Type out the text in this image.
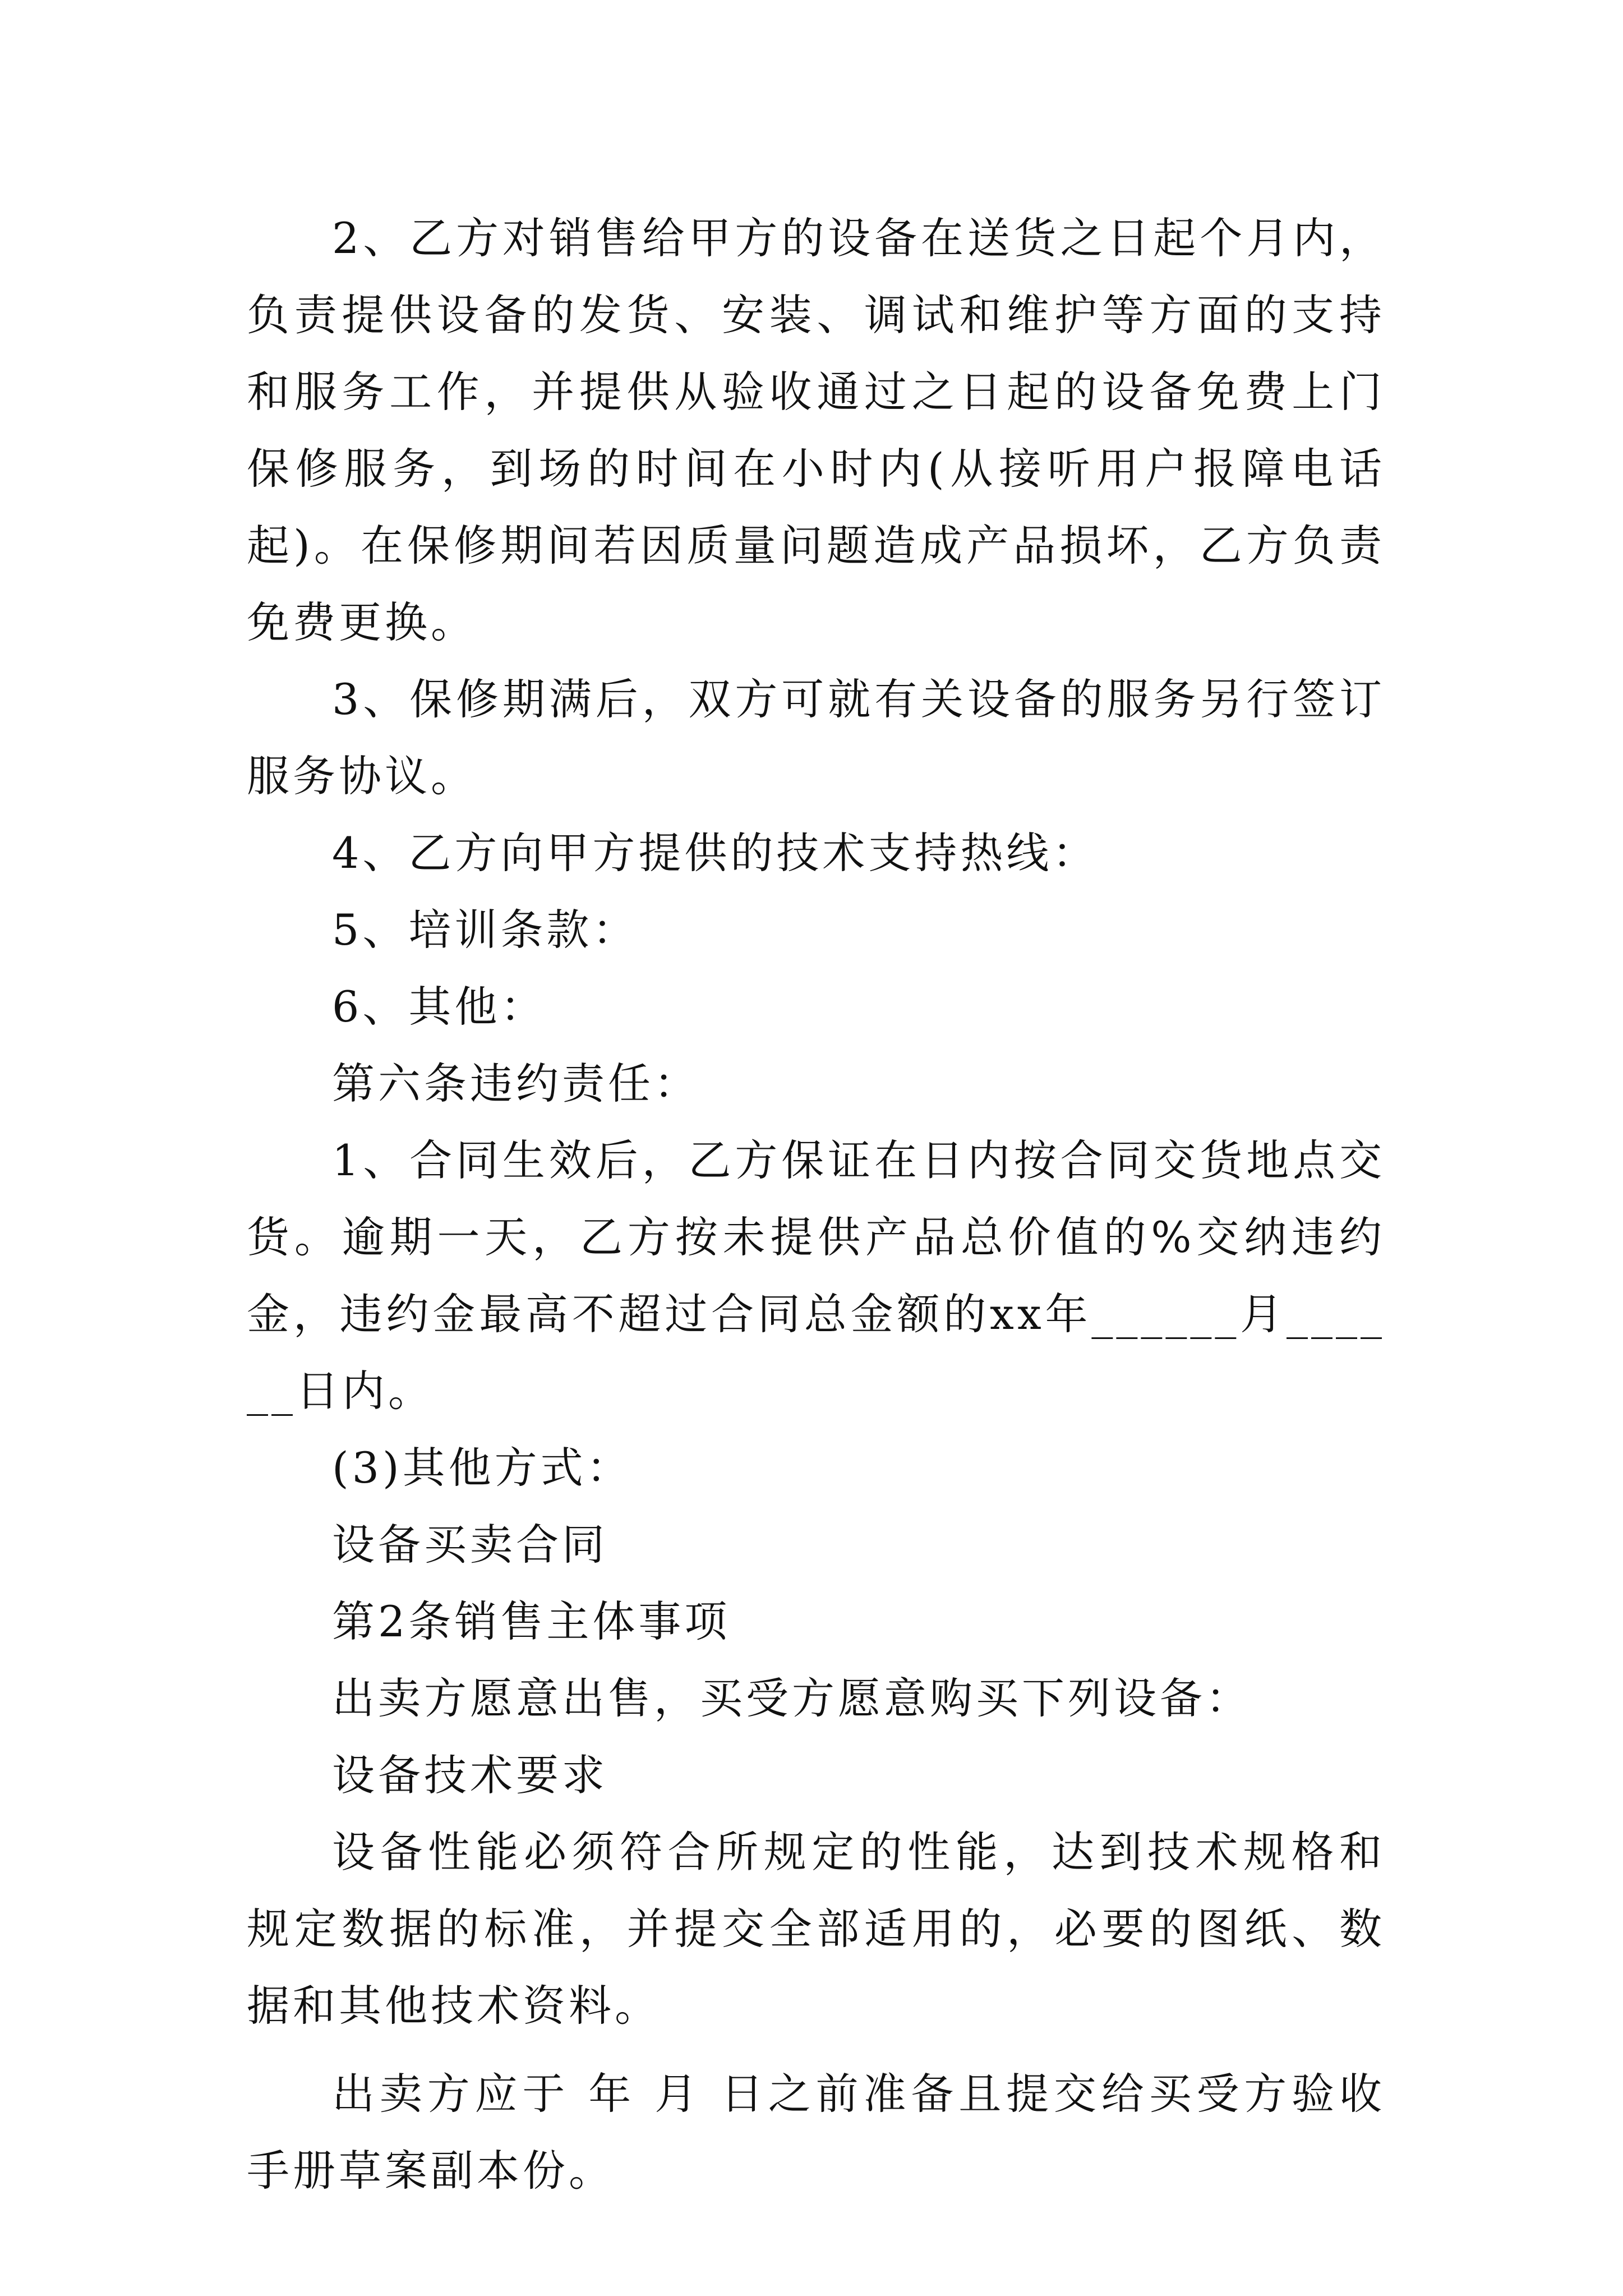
2、乙方对销售给甲方的设备在送货之日起个月内，负责提供设备的发货、安装、调试和维护等方面的支持和服务工作，并提供从验收通过之日起的设备免费上门保修服务，到场的时间在小时内(从接听用户报障电话起)。在保修期间若因质量问题造成产品损坏，乙方负责免费更换。

3、保修期满后，双方可就有关设备的服务另行签订服务协议。

4、乙方向甲方提供的技术支持热线：

5、培训条款：

6、其他：

第六条违约责任：

1、合同生效后，乙方保证在日内按合同交货地点交货。逾期一天，乙方按未提供产品总价值的%交纳违约金，违约金最高不超过合同总金额的xx年______月______日内。

(3)其他方式：

设备买卖合同

第2条销售主体事项

出卖方愿意出售，买受方愿意购买下列设备：

设备技术要求

设备性能必须符合所规定的性能，达到技术规格和规定数据的标准，并提交全部适用的，必要的图纸、数据和其他技术资料。

出卖方应于 年 月 日之前准备且提交给买受方验收手册草案副本份。
